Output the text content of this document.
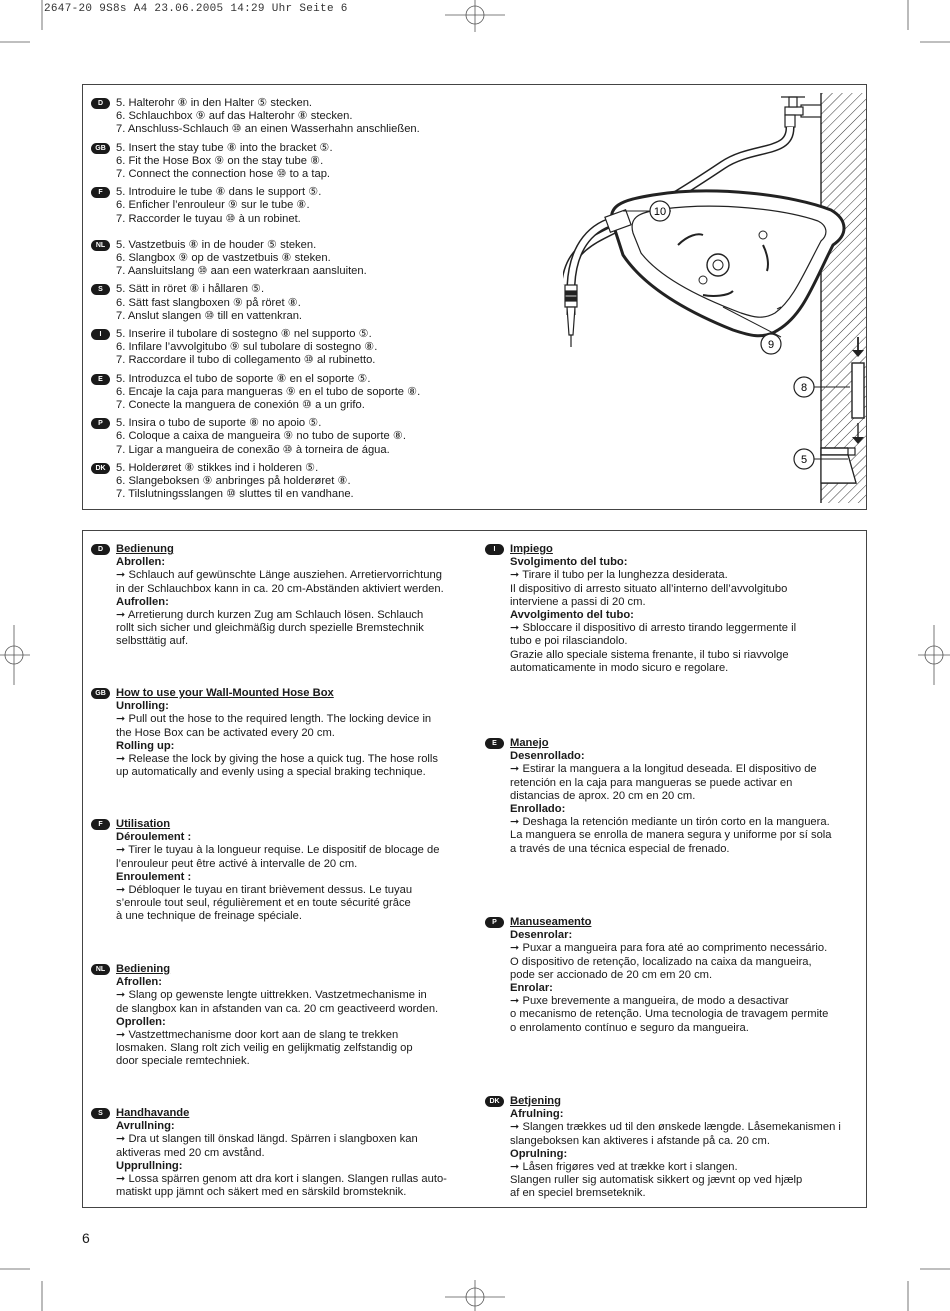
2647-20 9S8s A4 23.06.2005 14:29 Uhr Seite 6
D	5. Halterohr ⑧ in den Halter ⑤ stecken.
6. Schlauchbox ⑨ auf das Halterohr ⑧ stecken.
7. Anschluss-Schlauch ⑩ an einen Wasserhahn anschließen.
GB 5. Insert the stay tube ⑧ into the bracket ⑤.
6. Fit the Hose Box ⑨ on the stay tube ⑧.
7. Connect the connection hose ⑩ to a tap.
F	5. Introduire le tube ⑧ dans le support ⑤.
6. Enficher l’enrouleur ⑨ sur le tube ⑧.
7. Raccorder le tuyau ⑩ à un robinet.
NL 5. Vastzetbuis ⑧ in de houder ⑤ steken.
6. Slangbox ⑨ op de vastzetbuis ⑧ steken.
7. Aansluitslang ⑩ aan een waterkraan aansluiten.
S	5. Sätt in röret ⑧ i hållaren ⑤.
6. Sätt fast slangboxen ⑨ på röret ⑧.
7. Anslut slangen ⑩ till en vattenkran.
I	5. Inserire il tubolare di sostegno ⑧ nel supporto ⑤.
6. Infilare l’avvolgitubo ⑨ sul tubolare di sostegno ⑧.
7. Raccordare il tubo di collegamento ⑩ al rubinetto.
E	5. Introduzca el tubo de soporte ⑧ en el soporte ⑤.
6. Encaje la caja para mangueras ⑨ en el tubo de soporte ⑧.
7. Conecte la manguera de conexión ⑩ a un grifo.
P	5. Insira o tubo de suporte ⑧ no apoio ⑤.
6. Coloque a caixa de mangueira ⑨ no tubo de suporte ⑧.
7. Ligar a mangueira de conexão ⑩ à torneira de água.
DK 5. Holderøret ⑧ stikkes ind i holderen ⑤.
6. Slangeboksen ⑨ anbringes på holderøret ⑧.
7. Tilslutningsslangen ⑩ sluttes til en vandhane.
10
9
8
5
D	Bedienung

Abrollen:

➞ Schlauch auf gewünschte Länge ausziehen. Arretiervorrichtung

in der Schlauchbox kann in ca. 20 cm-Abständen aktiviert werden.

Aufrollen:

➞ Arretierung durch kurzen Zug am Schlauch lösen. Schlauch

rollt sich sicher und gleichmäßig durch spezielle Bremstechnik

selbsttätig auf.

GB How to use your Wall-Mounted Hose Box

Unrolling:

➞ Pull out the hose to the required length. The locking device in

the Hose Box can be activated every 20 cm.

Rolling up:

➞ Release the lock by giving the hose a quick tug. The hose rolls

up automatically and evenly using a special braking technique.

F	Utilisation

Déroulement :

➞ Tirer le tuyau à la longueur requise. Le dispositif de blocage de

l’enrouleur peut être activé à intervalle de 20 cm.

Enroulement :

➞ Débloquer le tuyau en tirant brièvement dessus. Le tuyau

s’enroule tout seul, régulièrement et en toute sécurité grâce

à une technique de freinage spéciale.

NL Bediening

Afrollen:

➞ Slang op gewenste lengte uittrekken. Vastzetmechanisme in

de slangbox kan in afstanden van ca. 20 cm geactiveerd worden.

Oprollen:

➞ Vastzettmechanisme door kort aan de slang te trekken

losmaken. Slang rolt zich veilig en gelijkmatig zelfstandig op

door speciale remtechniek.

S	Handhavande

Avrullning:

➞ Dra ut slangen till önskad längd. Spärren i slangboxen kan

aktiveras med 20 cm avstånd.

Upprullning:

➞ Lossa spärren genom att dra kort i slangen. Slangen rullas auto-

matiskt upp jämnt och säkert med en särskild bromsteknik.

I	Impiego

Svolgimento del tubo:

➞ Tirare il tubo per la lunghezza desiderata.

Il dispositivo di arresto situato all’interno dell’avvolgitubo

interviene a passi di 20 cm.

Avvolgimento del tubo:

➞ Sbloccare il dispositivo di arresto tirando leggermente il

tubo e poi rilasciandolo.

Grazie allo speciale sistema frenante, il tubo si riavvolge

automaticamente in modo sicuro e regolare.

E	Manejo

Desenrollado:

➞ Estirar la manguera a la longitud deseada. El dispositivo de

retención en la caja para mangueras se puede activar en

distancias de aprox. 20 cm en 20 cm.

Enrollado:

➞ Deshaga la retención mediante un tirón corto en la manguera.

La manguera se enrolla de manera segura y uniforme por sí sola

a través de una técnica especial de frenado.

P	Manuseamento

Desenrolar:

➞ Puxar a mangueira para fora até ao comprimento necessário.

O dispositivo de retenção, localizado na caixa da mangueira,

pode ser accionado de 20 cm em 20 cm.

Enrolar:

➞ Puxe brevemente a mangueira, de modo a desactivar

o mecanismo de retenção. Uma tecnologia de travagem permite

o enrolamento contínuo e seguro da mangueira.

DK Betjening

Afrulning:

➞ Slangen trækkes ud til den ønskede længde. Låsemekanismen i

slangeboksen kan aktiveres i afstande på ca. 20 cm.

Oprulning:

➞ Låsen frigøres ved at trække kort i slangen.

Slangen ruller sig automatisk sikkert og jævnt op ved hjælp

af en speciel bremseteknik.

6
